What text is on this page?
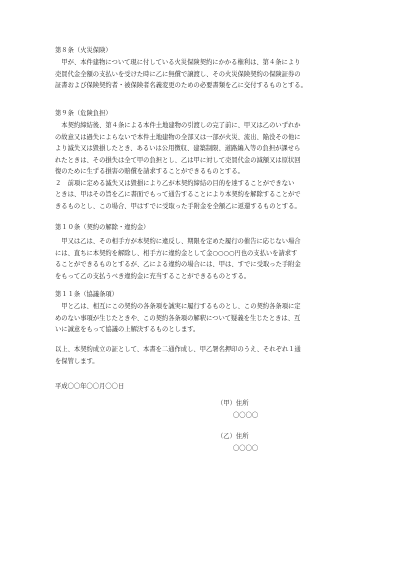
第８条（火災保険）
　甲が、本件建物について現に付している火災保険契約にかかる権利は、第４条により
売買代金全額の支払いを受けた時に乙に無償で譲渡し、その火災保険契約の保険証券の
証書および保険契約者・被保険者名義変更のための必要書類を乙に交付するものとする。
第９条（危険負担）
　本契約締結後、第４条による本件土地建物の引渡しの完了前に、甲又は乙のいずれか
の故意又は過失によらないで本件土地建物の全部又は一部が火災、流出、陥没その他に
より滅失又は毀損したとき、あるいは公用徴収、建築制限、道路編入等の負担が課せら
れたときは、その損失は全て甲の負担とし、乙は甲に対して売買代金の減額又は原状回
復のために生ずる損害の賠償を請求することができるものとする。
２　前項に定める滅失又は毀損により乙が本契約締結の目的を達することができない
ときは、甲はその旨を乙に書面でもって通告することにより本契約を解除することがで
きるものとし、この場合、甲はすでに受取った手附金を全額乙に返還するものとする。
第１０条（契約の解除・違約金）
　甲又は乙は、その相手方が本契約に違反し、期限を定めた履行の催告に応じない場合
には、直ちに本契約を解除し、相手方に違約金として金○○○○円也の支払いを請求す
ることができるものとするが、乙による違約の場合には、甲は、すでに受取った手附金
をもって乙の支払うべき違約金に充当することができるものとする。
第１１条（協議条項）
　甲と乙は、相互にこの契約の各条項を誠実に履行するものとし、この契約各条項に定
めのない事項が生じたときや、この契約各条項の解釈について疑義を生じたときは、互
いに誠意をもって協議の上解決するものとします。
以上、本契約成立の証として、本書を二通作成し、甲乙署名押印のうえ、それぞれ１通
を保管します。
平成〇〇年〇〇月〇〇日
（甲）住所
〇〇〇〇
（乙）住所
〇〇〇〇
